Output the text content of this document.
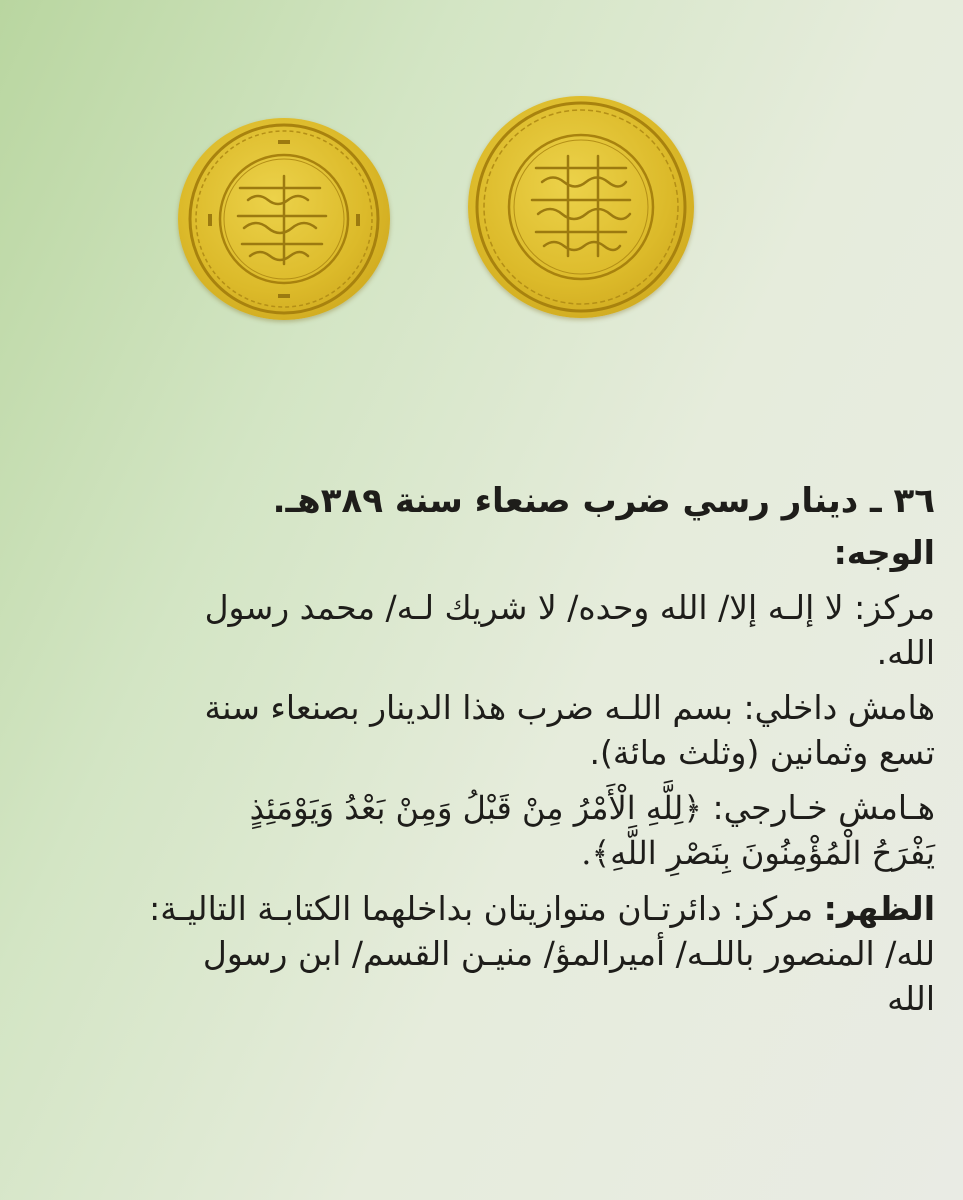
٣٦ ـ دينار رسي ضرب صنعاء سنة ٣٨٩هـ.
الوجه:
مركز: لا إلـه إلا/ الله وحده/ لا شريك لـه/ محمد رسول
الله.
هامش داخلي: بسم اللـه ضرب هذا الدينار بصنعاء سنة
تسع وثمانين (وثلث مائة).
هـامش خـارجي: ﴿لِلَّهِ الْأَمْرُ مِنْ قَبْلُ وَمِنْ بَعْدُ وَيَوْمَئِذٍ
يَفْرَحُ الْمُؤْمِنُونَ بِنَصْرِ اللَّهِ﴾.
الظهر: مركز: دائرتـان متوازيتان بداخلهما الكتابـة التاليـة:
لله/ المنصور باللـه/ أميرالمؤ/ منيـن القسم/ ابن رسول
الله
